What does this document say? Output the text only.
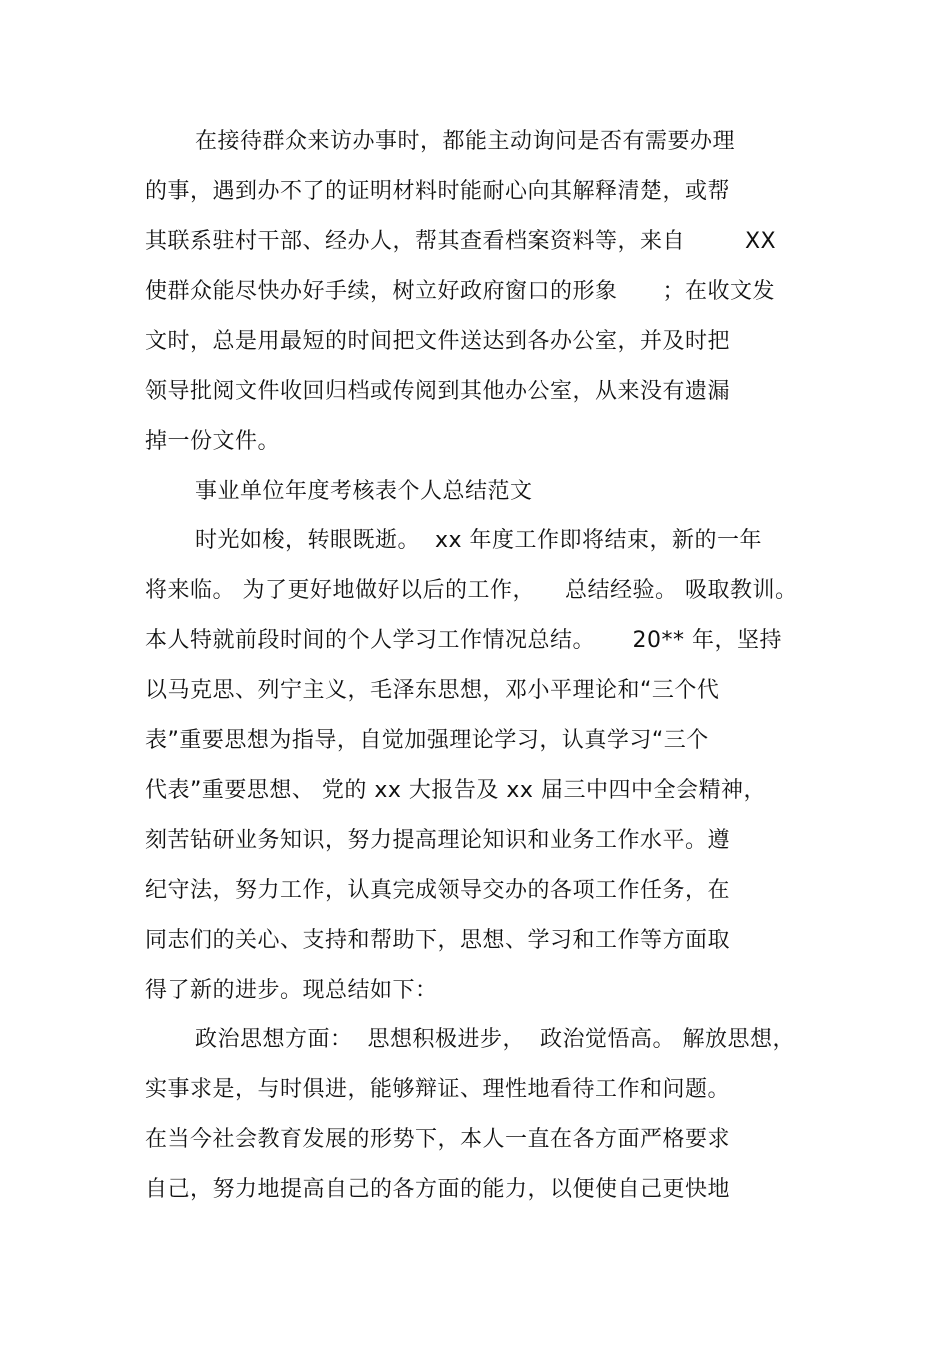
在接待群众来访办事时，都能主动询问是否有需要办理
的事，遇到办不了的证明材料时能耐心向其解释清楚，或帮
其联系驻村干部、经办人，帮其查看档案资料等，来自        XX
使群众能尽快办好手续，树立好政府窗口的形象      ；在收文发
文时，总是用最短的时间把文件送达到各办公室，并及时把
领导批阅文件收回归档或传阅到其他办公室，从来没有遗漏
掉一份文件。
事业单位年度考核表个人总结范文
时光如梭，转眼既逝。  xx 年度工作即将结束，新的一年
将来临。 为了更好地做好以后的工作，    总结经验。 吸取教训。
本人特就前段时间的个人学习工作情况总结。     20** 年，坚持
以马克思、列宁主义，毛泽东思想，邓小平理论和“三个代
表”重要思想为指导，自觉加强理论学习，认真学习“三个
代表”重要思想、 党的 xx 大报告及 xx 届三中四中全会精神，
刻苦钻研业务知识，努力提高理论知识和业务工作水平。遵
纪守法，努力工作，认真完成领导交办的各项工作任务，在
同志们的关心、支持和帮助下，思想、学习和工作等方面取
得了新的进步。现总结如下：
政治思想方面：  思想积极进步，  政治觉悟高。 解放思想，
实事求是，与时俱进，能够辩证、理性地看待工作和问题。
在当今社会教育发展的形势下，本人一直在各方面严格要求
自己，努力地提高自己的各方面的能力，以便使自己更快地
